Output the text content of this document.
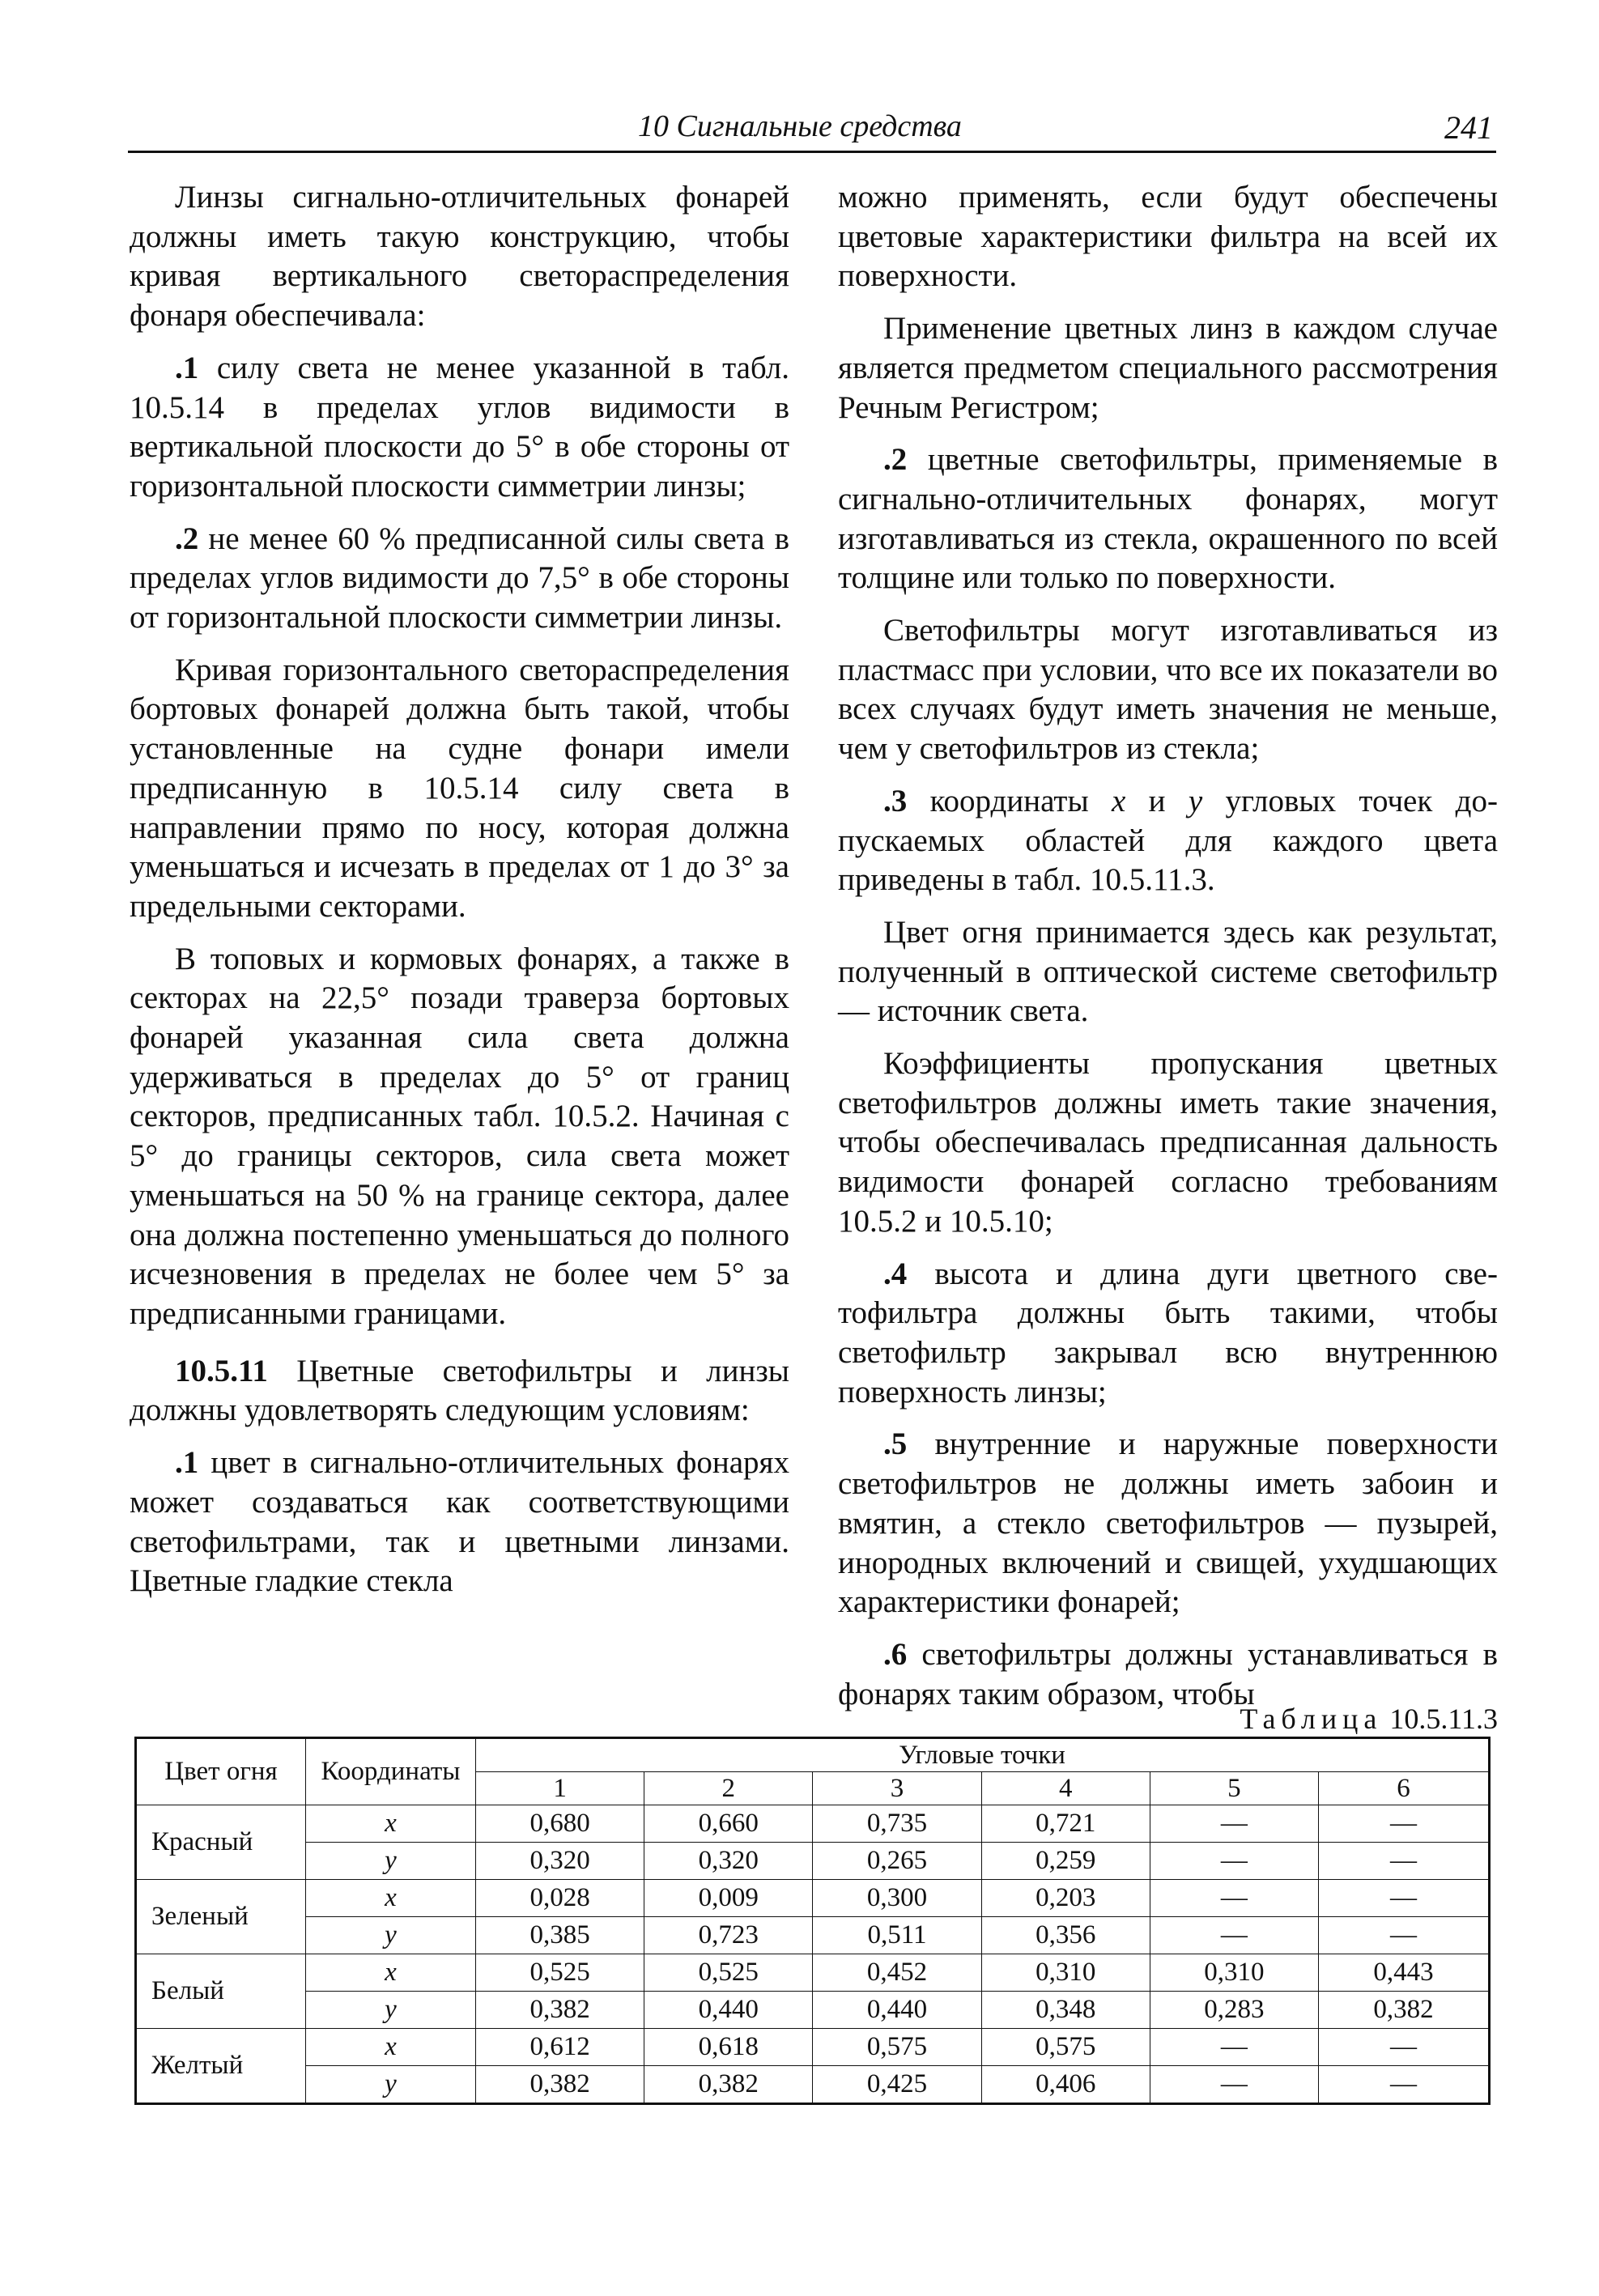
10 Сигнальные средства	241

Линзы сигнально-отличительных фонарей должны иметь такую конструкцию, чтобы кривая вертикального светораспределения фонаря обеспечивала:

.1 силу света не менее указанной в табл. 10.5.14 в пределах углов видимости в вертикальной плоскости до 5° в обе стороны от горизонтальной плоскости симметрии линзы;

.2 не менее 60 % предписанной силы света в пределах углов видимости до 7,5° в обе стороны от горизонтальной плоскости симметрии линзы.

Кривая горизонтального светораспределения бортовых фонарей должна быть такой, чтобы установленные на судне фонари имели предписанную в 10.5.14 силу света в направлении прямо по носу, которая должна уменьшаться и исчезать в пределах от 1 до 3° за предельными секторами.

В топовых и кормовых фонарях, а также в секторах на 22,5° позади траверза бортовых фонарей указанная сила света должна удерживаться в пределах до 5° от границ секторов, предписанных табл. 10.5.2. Начиная с 5° до границы секторов, сила света может уменьшаться на 50 % на границе сектора, далее она должна постепенно уменьшаться до полного исчезновения в пределах не более чем 5° за предписанными границами.

10.5.11 Цветные светофильтры и линзы должны удовлетворять следующим условиям:

.1 цвет в сигнально-отличительных фонарях может создаваться как соответствующими светофильтрами, так и цветными линзами. Цветные гладкие стекла

можно применять, если будут обеспечены цветовые характеристики фильтра на всей их поверхности.

Применение цветных линз в каждом случае является предметом специального рассмотрения Речным Регистром;

.2 цветные светофильтры, применяемые в сигнально-отличительных фонарях, могут изготавливаться из стекла, окрашенного по всей толщине или только по поверхности.

Светофильтры могут изготавливаться из пластмасс при условии, что все их показатели во всех случаях будут иметь значения не меньше, чем у светофильтров из стекла;

.3 координаты x и y угловых точек допускаемых областей для каждого цвета приведены в табл. 10.5.11.3.

Цвет огня принимается здесь как результат, полученный в оптической системе светофильтр — источник света.

Коэффициенты пропускания цветных светофильтров должны иметь такие значения, чтобы обеспечивалась предписанная дальность видимости фонарей согласно требованиям 10.5.2 и 10.5.10;

.4 высота и длина дуги цветного светофильтра должны быть такими, чтобы светофильтр закрывал всю внутреннюю поверхность линзы;

.5 внутренние и наружные поверхности светофильтров не должны иметь забоин и вмятин, а стекло светофильтров — пузырей, инородных включений и свищей, ухудшающих характеристики фонарей;

.6 светофильтры должны устанавливаться в фонарях таким образом, чтобы

Таблица 10.5.11.3
Цвет огня	Координаты	Угловые точки					
		1	2	3	4	5	6
Красный	x	0,680	0,660	0,735	0,721	—	—
	y	0,320	0,320	0,265	0,259	—	—
Зеленый	x	0,028	0,009	0,300	0,203	—	—
	y	0,385	0,723	0,511	0,356	—	—
Белый	x	0,525	0,525	0,452	0,310	0,310	0,443
	y	0,382	0,440	0,440	0,348	0,283	0,382
Желтый	x	0,612	0,618	0,575	0,575	—	—
	y	0,382	0,382	0,425	0,406	—	—
